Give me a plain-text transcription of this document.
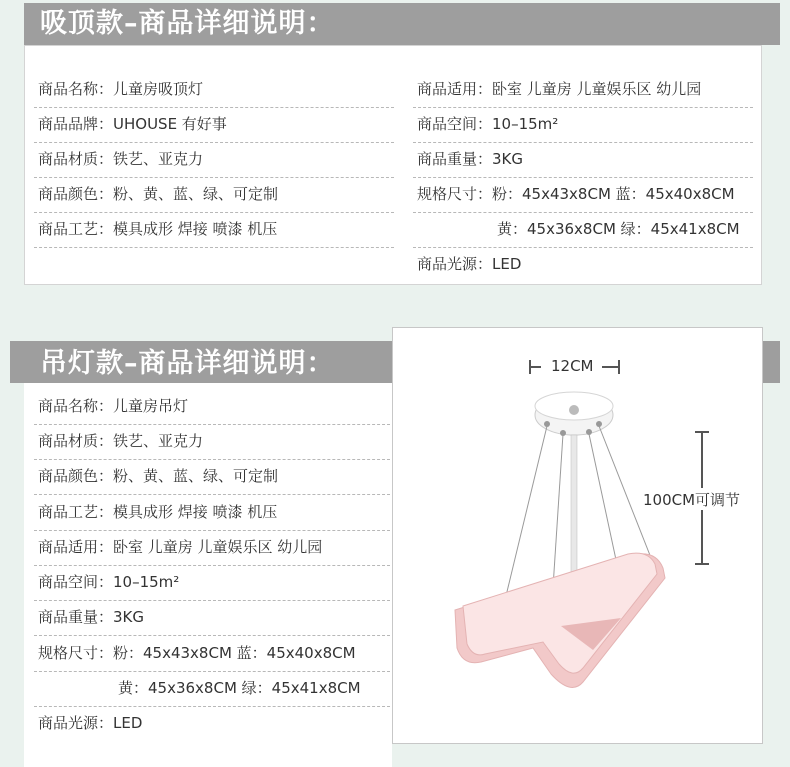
吸顶款–商品详细说明：
商品名称：儿童房吸顶灯
商品品牌：UHOUSE 有好事
商品材质：铁艺、亚克力
商品颜色：粉、黄、蓝、绿、可定制
商品工艺：模具成形 焊接 喷漆 机压
商品适用：卧室 儿童房 儿童娱乐区 幼儿园
商品空间：10–15m²
商品重量：3KG
规格尺寸：粉：45x43x8CM 蓝：45x40x8CM
黄：45x36x8CM 绿：45x41x8CM
商品光源：LED
吊灯款–商品详细说明：
商品名称：儿童房吊灯
商品材质：铁艺、亚克力
商品颜色：粉、黄、蓝、绿、可定制
商品工艺：模具成形 焊接 喷漆 机压
商品适用：卧室 儿童房 儿童娱乐区 幼儿园
商品空间：10–15m²
商品重量：3KG
规格尺寸：粉：45x43x8CM 蓝：45x40x8CM
黄：45x36x8CM 绿：45x41x8CM
商品光源：LED
12CM
100CM可调节
